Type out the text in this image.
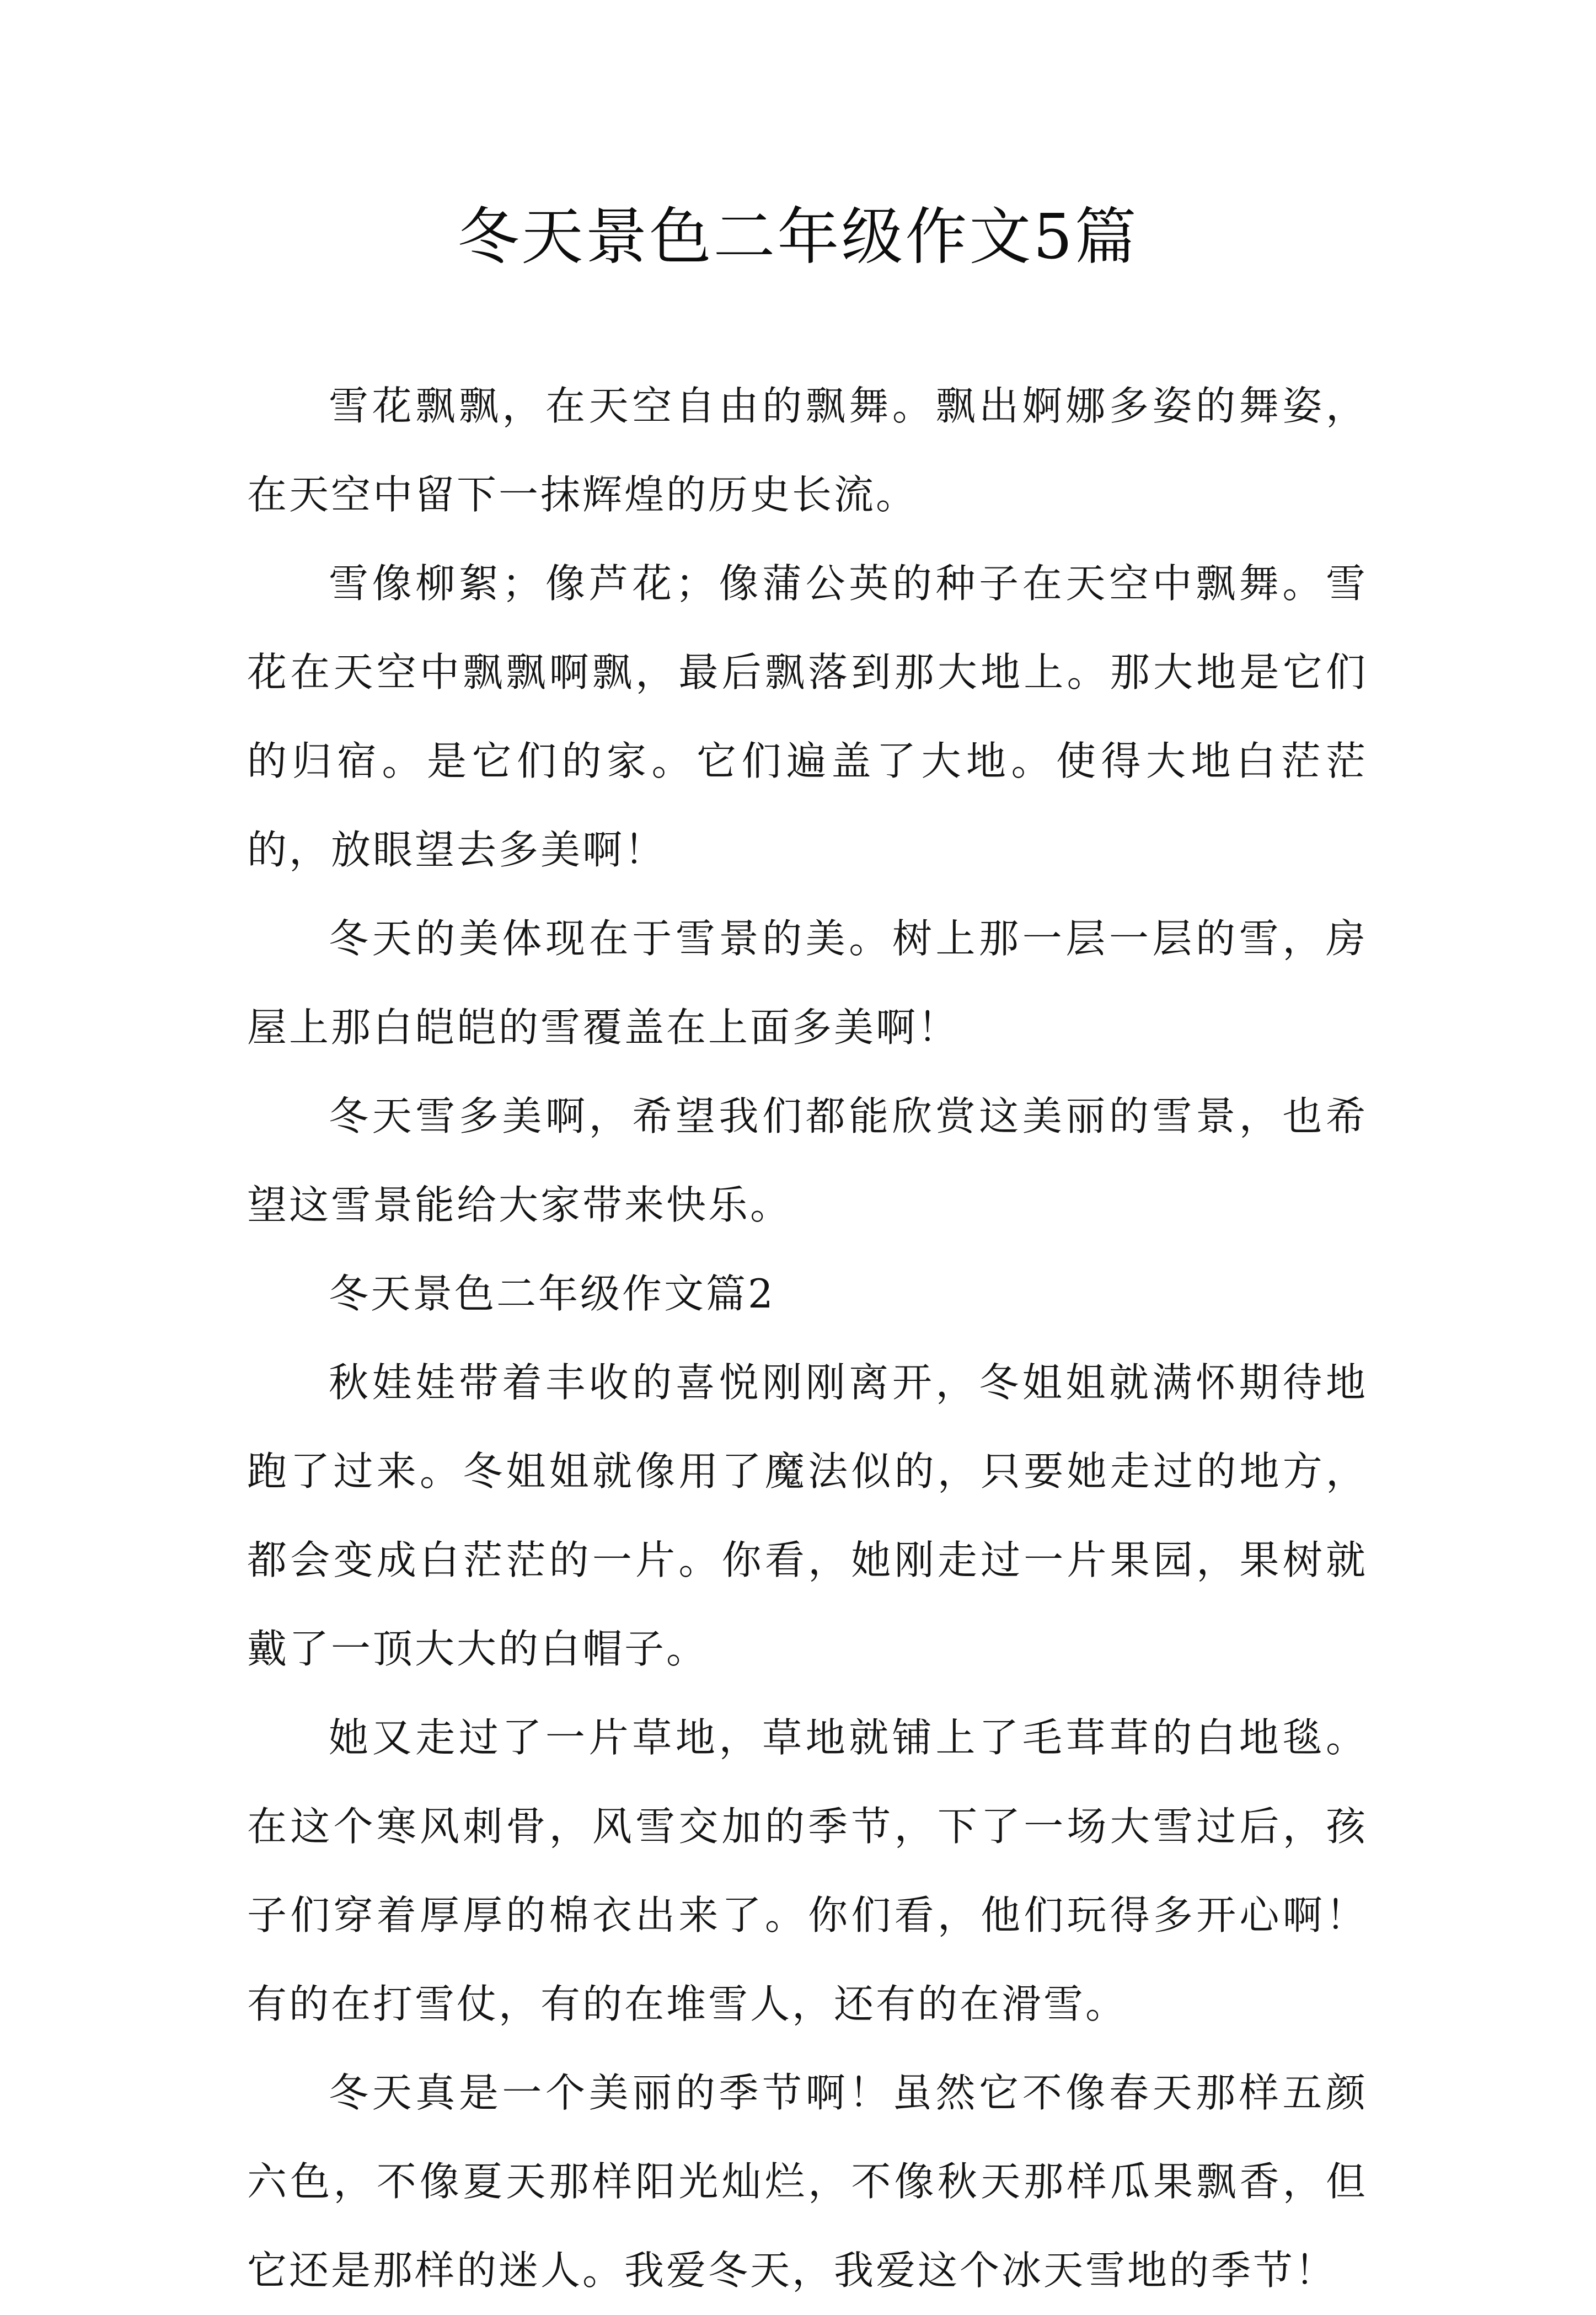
冬天景色二年级作文5篇

雪花飘飘，在天空自由的飘舞。飘出婀娜多姿的舞姿，在天空中留下一抹辉煌的历史长流。

雪像柳絮；像芦花；像蒲公英的种子在天空中飘舞。雪花在天空中飘飘啊飘，最后飘落到那大地上。那大地是它们的归宿。是它们的家。它们遍盖了大地。使得大地白茫茫的，放眼望去多美啊！

冬天的美体现在于雪景的美。树上那一层一层的雪，房屋上那白皑皑的雪覆盖在上面多美啊！

冬天雪多美啊，希望我们都能欣赏这美丽的雪景，也希望这雪景能给大家带来快乐。

冬天景色二年级作文篇2

秋娃娃带着丰收的喜悦刚刚离开，冬姐姐就满怀期待地跑了过来。冬姐姐就像用了魔法似的，只要她走过的地方，都会变成白茫茫的一片。你看，她刚走过一片果园，果树就戴了一顶大大的白帽子。

她又走过了一片草地，草地就铺上了毛茸茸的白地毯。在这个寒风刺骨，风雪交加的季节，下了一场大雪过后，孩子们穿着厚厚的棉衣出来了。你们看，他们玩得多开心啊！有的在打雪仗，有的在堆雪人，还有的在滑雪。

冬天真是一个美丽的季节啊！虽然它不像春天那样五颜六色，不像夏天那样阳光灿烂，不像秋天那样瓜果飘香，但它还是那样的迷人。我爱冬天，我爱这个冰天雪地的季节！
